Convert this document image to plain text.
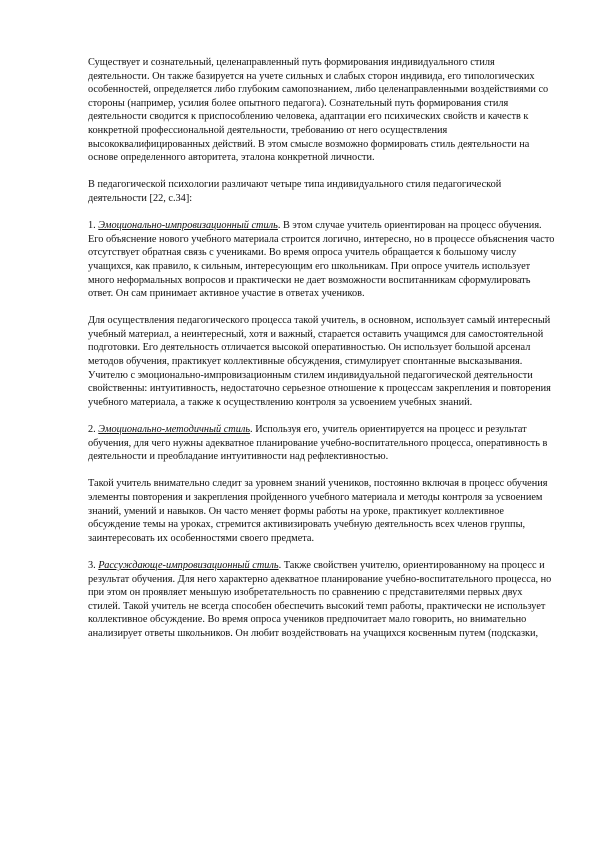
Существует и сознательный, целенаправленный путь формирования индивидуального стиля деятельности. Он также базируется на учете сильных и слабых сторон индивида, его типологических особенностей, определяется либо глубоким самопознанием, либо целенаправленными воздействиями со стороны (например, усилия более опытного педагога). Сознательный путь формирования стиля деятельности сводится к приспособлению человека, адаптации его психических свойств и качеств к конкретной профессиональной деятельности, требованию от него осуществления высококвалифицированных действий. В этом смысле возможно формировать стиль деятельности на основе определенного авторитета, эталона конкретной личности.

В педагогической психологии различают четыре типа индивидуального стиля педагогической деятельности [22, с.34]:

1. Эмоционально-импровизационный стиль. В этом случае учитель ориентирован на процесс обучения. Его объяснение нового учебного материала строится логично, интересно, но в процессе объяснения часто отсутствует обратная связь с учениками. Во время опроса учитель обращается к большому числу учащихся, как правило, к сильным, интересующим его школьникам. При опросе учитель использует много неформальных вопросов и практически не дает возможности воспитанникам сформулировать ответ. Он сам принимает активное участие в ответах учеников.

Для осуществления педагогического процесса такой учитель, в основном, использует самый интересный учебный материал, а неинтересный, хотя и важный, старается оставить учащимся для самостоятельной подготовки. Его деятельность отличается высокой оперативностью. Он использует большой арсенал методов обучения, практикует коллективные обсуждения, стимулирует спонтанные высказывания. Учителю с эмоционально-импровизационным стилем индивидуальной педагогической деятельности свойственны: интуитивность, недостаточно серьезное отношение к процессам закрепления и повторения учебного материала, а также к осуществлению контроля за усвоением учебных знаний.

2. Эмоционально-методичный стиль. Используя его, учитель ориентируется на процесс и результат обучения, для чего нужны адекватное планирование учебно-воспитательного процесса, оперативность в деятельности и преобладание интуитивности над рефлективностью.

Такой учитель внимательно следит за уровнем знаний учеников, постоянно включая в процесс обучения элементы повторения и закрепления пройденного учебного материала и методы контроля за усвоением знаний, умений и навыков. Он часто меняет формы работы на уроке, практикует коллективное обсуждение темы на уроках, стремится активизировать учебную деятельность всех членов группы, заинтересовать их особенностями своего предмета.

3. Рассуждающе-импровизационный стиль. Также свойствен учителю, ориентированному на процесс и результат обучения. Для него характерно адекватное планирование учебно-воспитательного процесса, но при этом он проявляет меньшую изобретательность по сравнению с представителями первых двух стилей. Такой учитель не всегда способен обеспечить высокий темп работы, практически не использует коллективное обсуждение. Во время опроса учеников предпочитает мало говорить, но внимательно анализирует ответы школьников. Он любит воздействовать на учащихся косвенным путем (подсказки,
